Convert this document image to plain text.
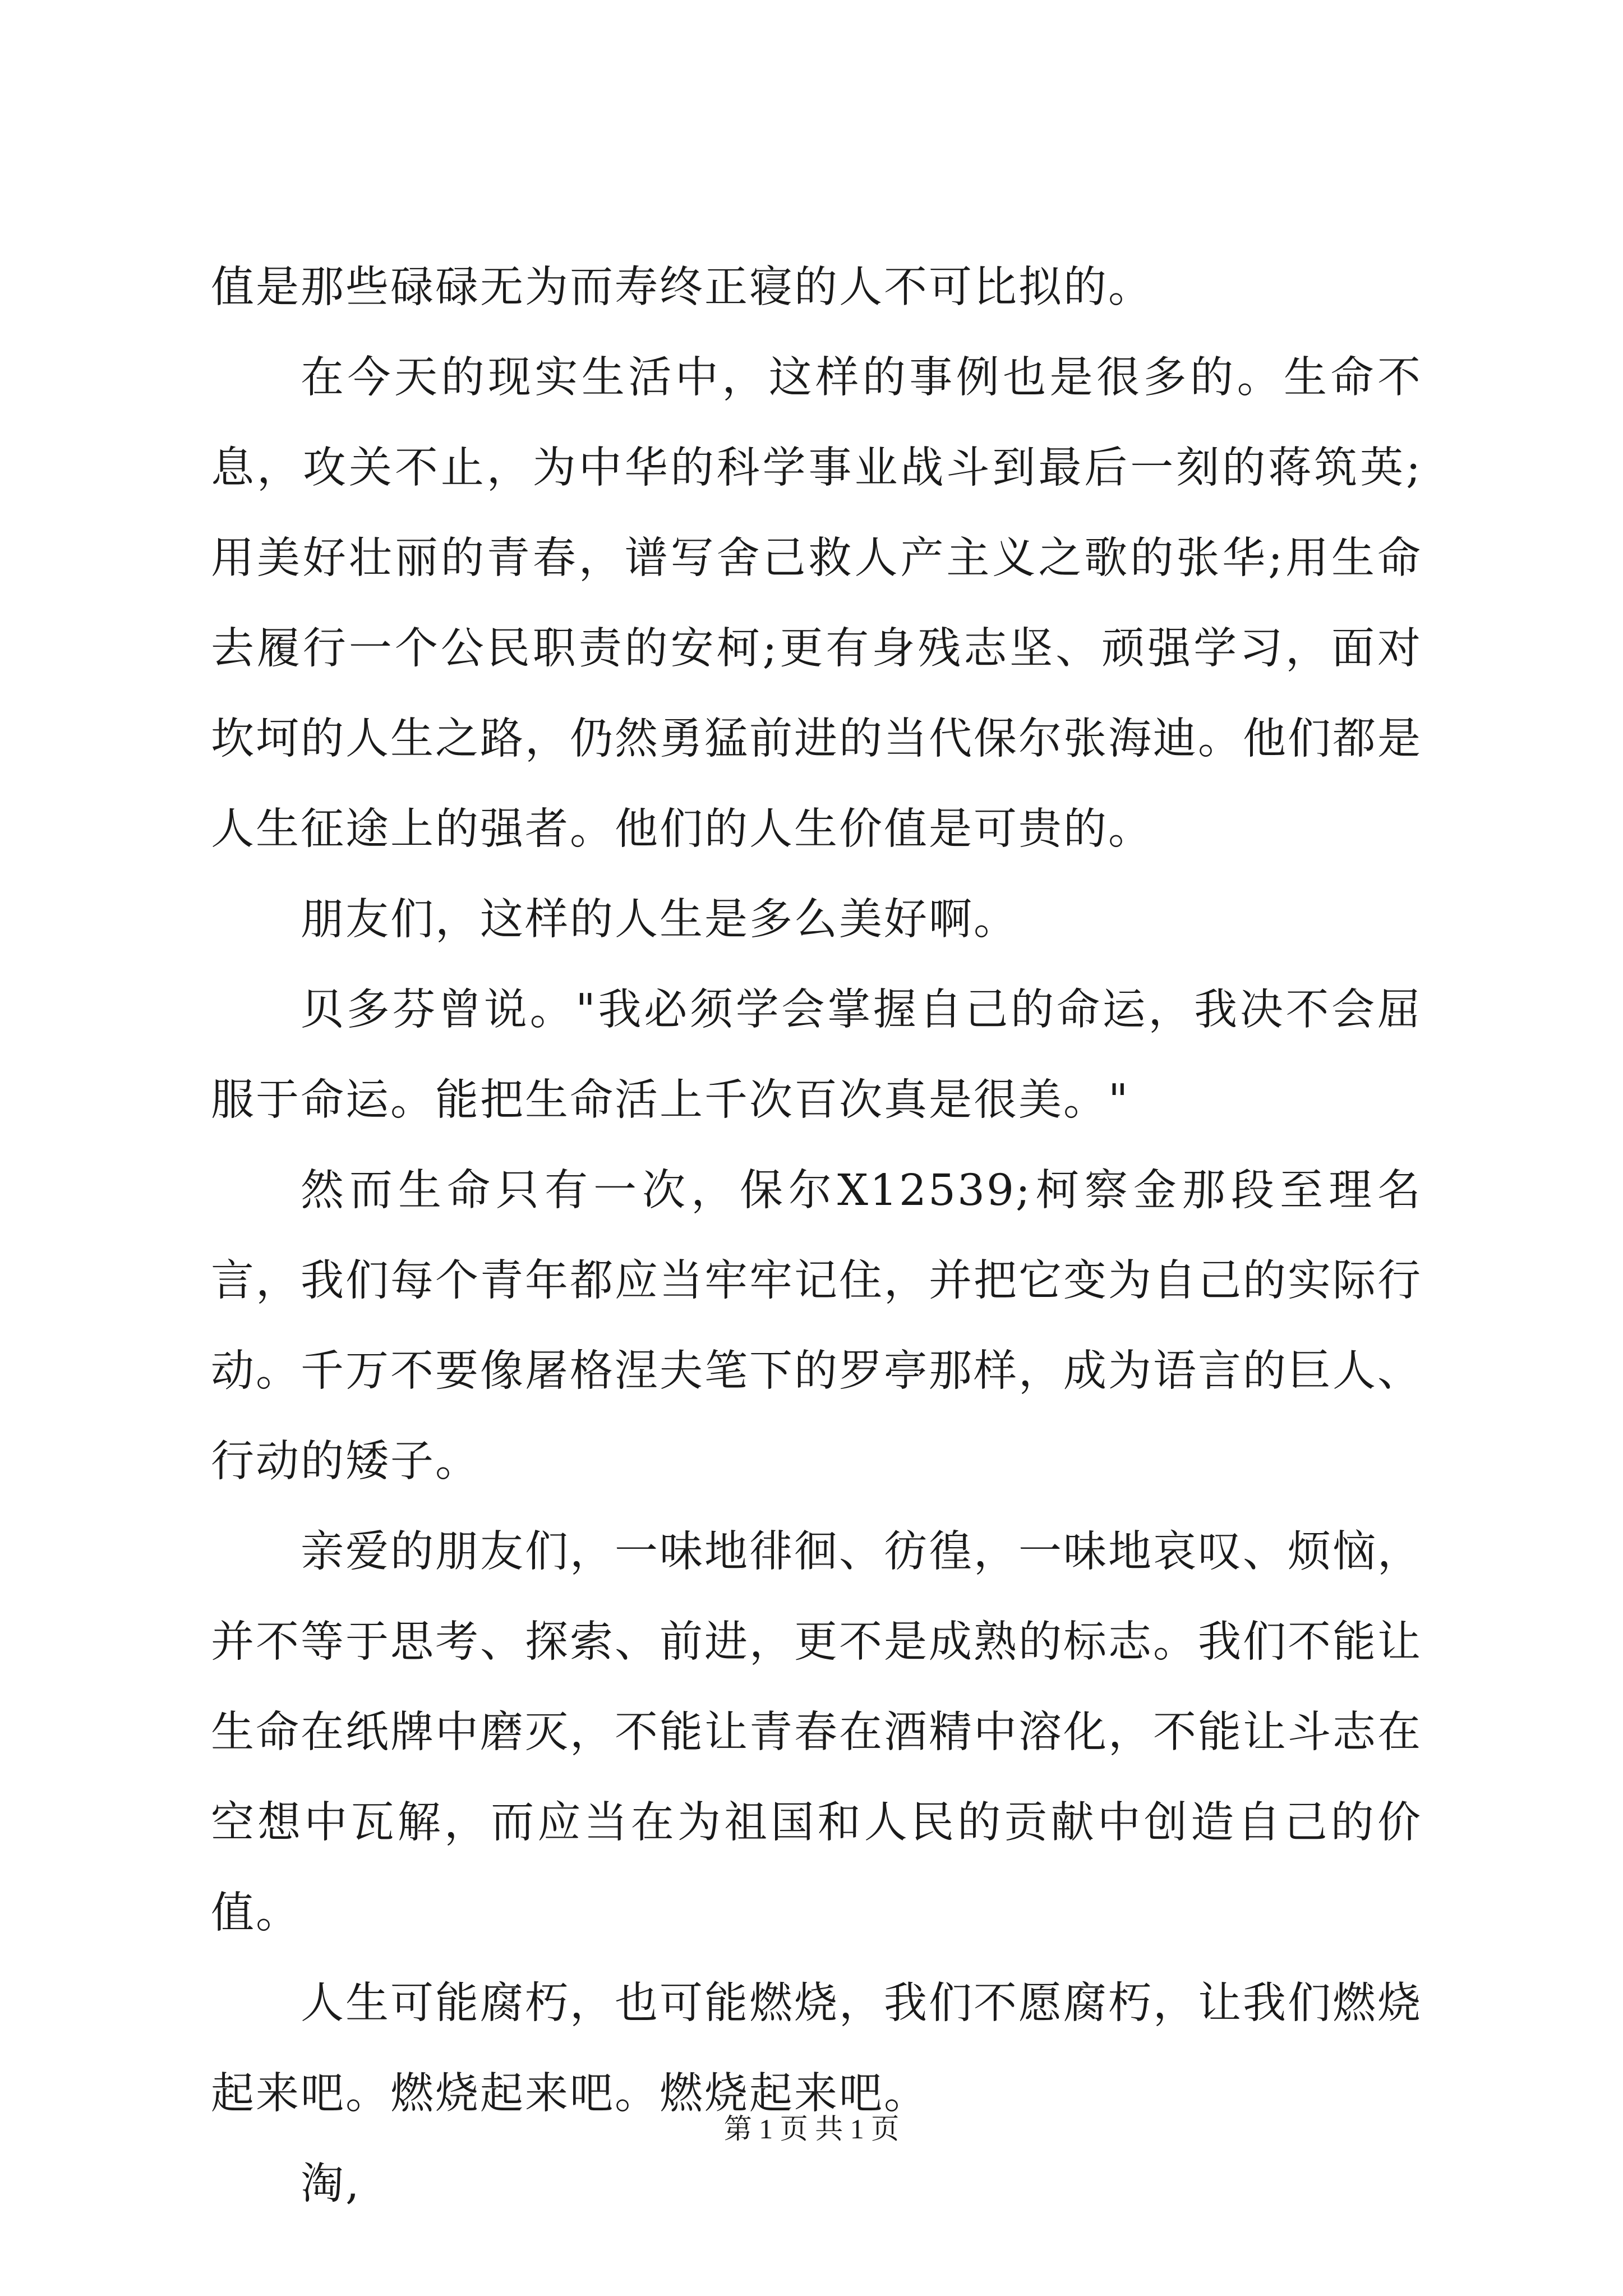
值是那些碌碌无为而寿终正寝的人不可比拟的。

在今天的现实生活中，这样的事例也是很多的。生命不息，攻关不止，为中华的科学事业战斗到最后一刻的蒋筑英;用美好壮丽的青春，谱写舍己救人产主义之歌的张华;用生命去履行一个公民职责的安柯;更有身残志坚、顽强学习，面对坎坷的人生之路，仍然勇猛前进的当代保尔张海迪。他们都是人生征途上的强者。他们的人生价值是可贵的。

朋友们，这样的人生是多么美好啊。

贝多芬曾说。"我必须学会掌握自己的命运，我决不会屈服于命运。能把生命活上千次百次真是很美。"

然而生命只有一次，保尔X12539;柯察金那段至理名言，我们每个青年都应当牢牢记住，并把它变为自己的实际行动。千万不要像屠格涅夫笔下的罗亭那样，成为语言的巨人、行动的矮子。

亲爱的朋友们，一味地徘徊、彷徨，一味地哀叹、烦恼，并不等于思考、探索、前进，更不是成熟的标志。我们不能让生命在纸牌中磨灭，不能让青春在酒精中溶化，不能让斗志在空想中瓦解，而应当在为祖国和人民的贡献中创造自己的价值。

人生可能腐朽，也可能燃烧，我们不愿腐朽，让我们燃烧起来吧。燃烧起来吧。燃烧起来吧。

淘,

第 1 页 共 1 页
